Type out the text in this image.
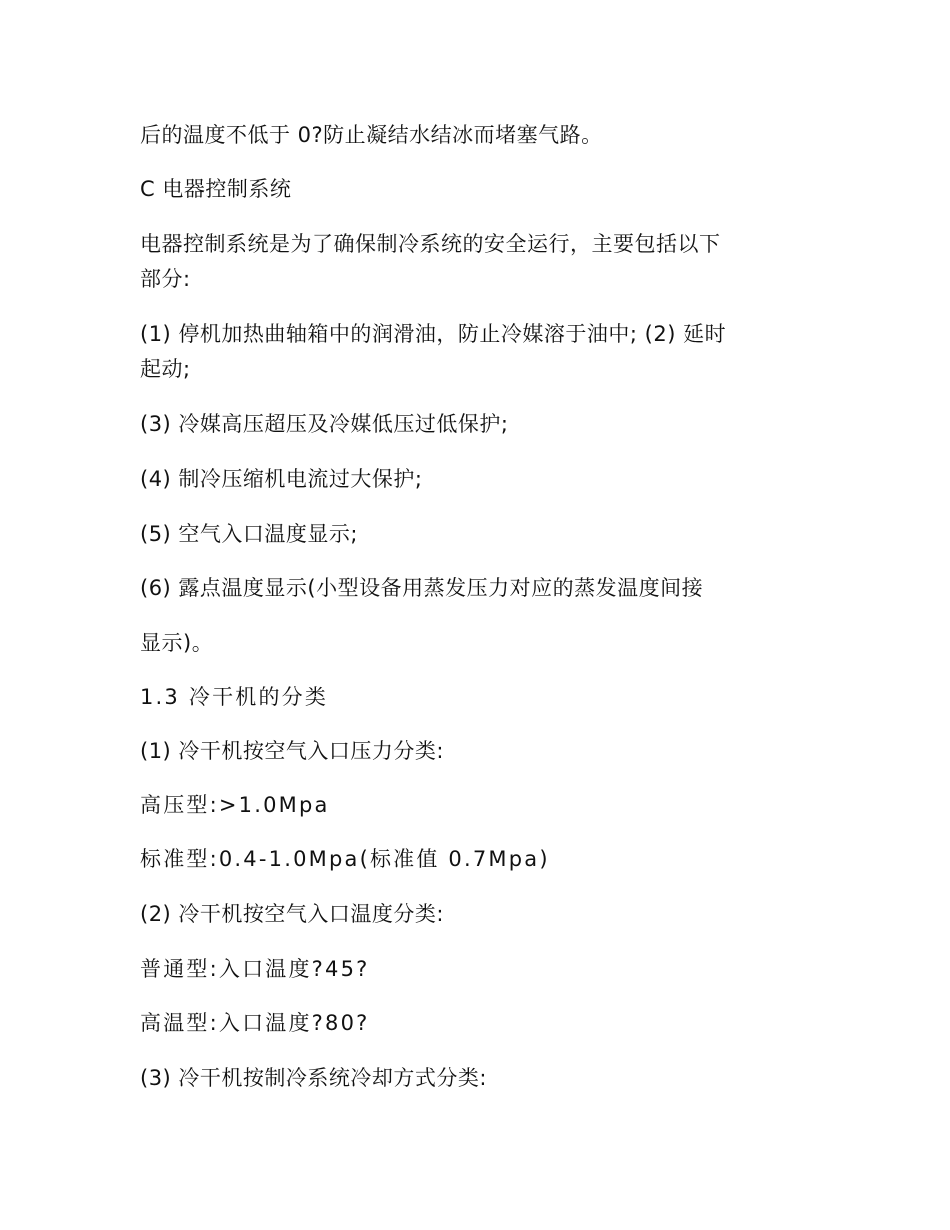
后的温度不低于 0?防止凝结水结冰而堵塞气路。
C 电器控制系统
电器控制系统是为了确保制冷系统的安全运行，主要包括以下
部分:
(1) 停机加热曲轴箱中的润滑油，防止冷媒溶于油中; (2) 延时
起动;
(3) 冷媒高压超压及冷媒低压过低保护;
(4) 制冷压缩机电流过大保护;
(5) 空气入口温度显示;
(6) 露点温度显示(小型设备用蒸发压力对应的蒸发温度间接
显示)。
1.3 冷干机的分类
(1) 冷干机按空气入口压力分类:
高压型:>1.0Mpa
标准型:0.4-1.0Mpa(标准值 0.7Mpa)
(2) 冷干机按空气入口温度分类:
普通型:入口温度?45?
高温型:入口温度?80?
(3) 冷干机按制冷系统冷却方式分类:
